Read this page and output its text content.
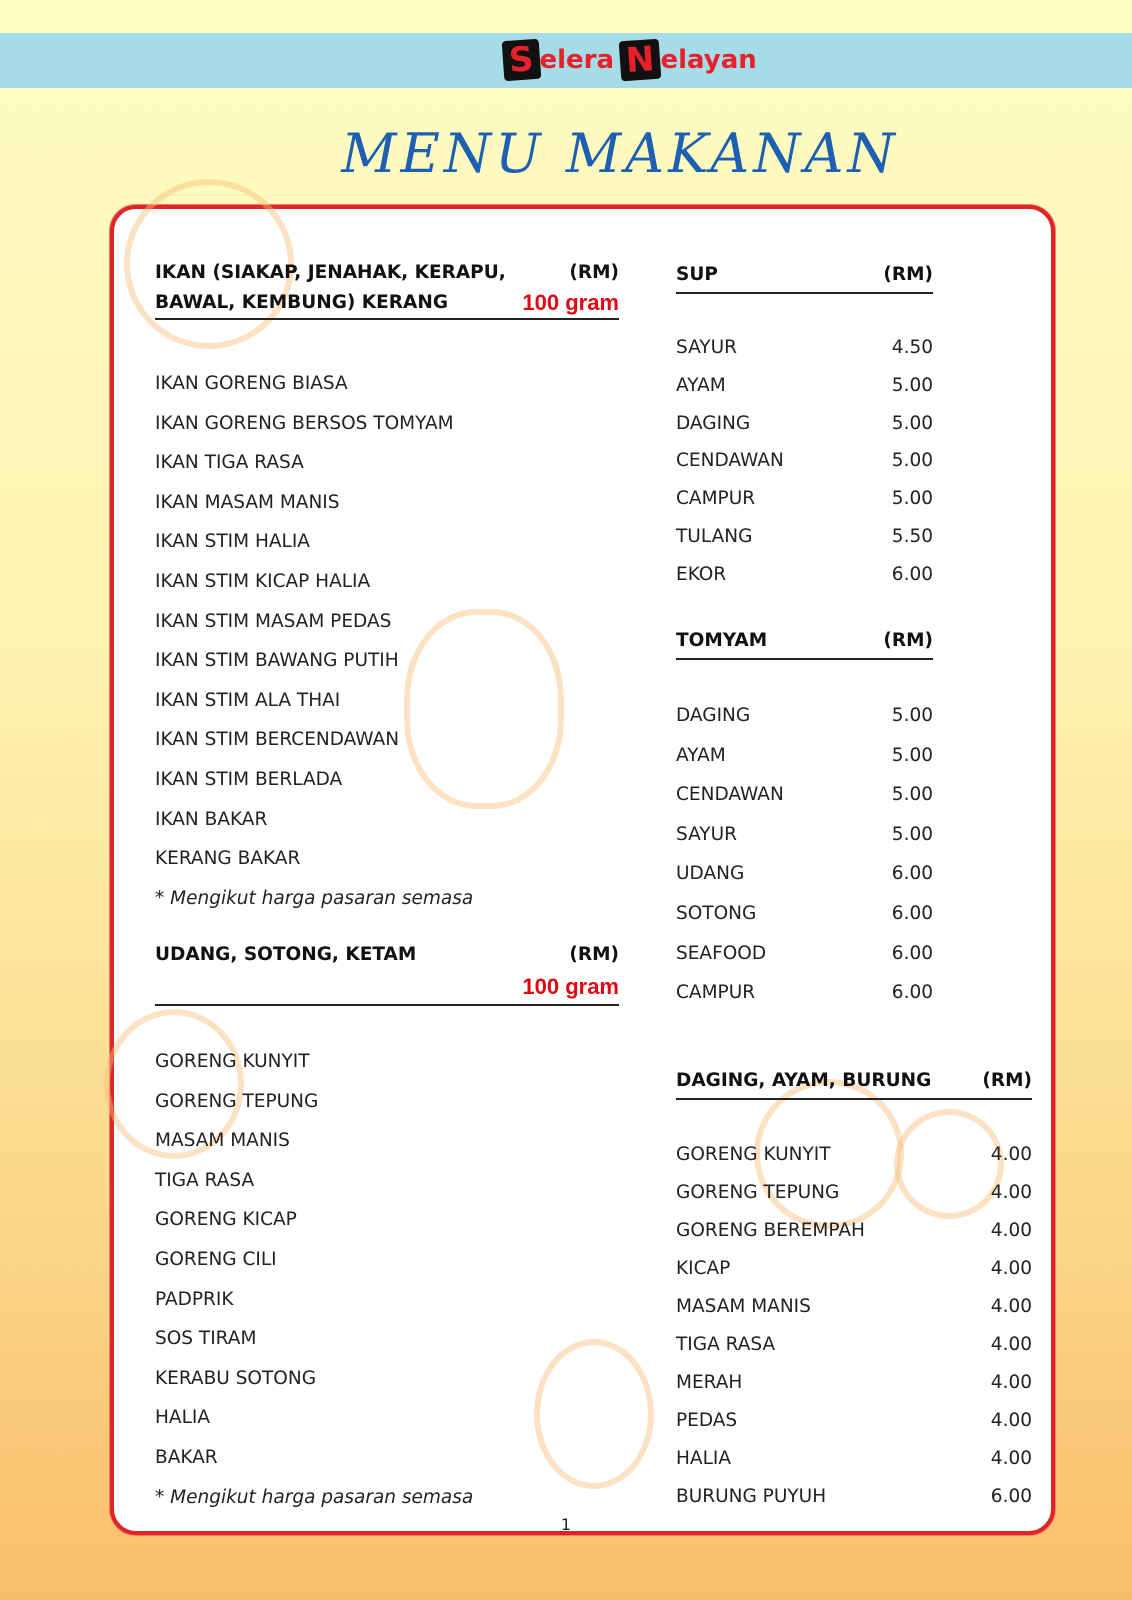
S elera N elayan
MENU MAKANAN
IKAN (SIAKAP, JENAHAK, KERAPU,	(RM)
BAWAL, KEMBUNG) KERANG	100 gram
IKAN GORENG BIASA
IKAN GORENG BERSOS TOMYAM
IKAN TIGA RASA
IKAN MASAM MANIS
IKAN STIM HALIA
IKAN STIM KICAP HALIA
IKAN STIM MASAM PEDAS
IKAN STIM BAWANG PUTIH
IKAN STIM ALA THAI
IKAN STIM BERCENDAWAN
IKAN STIM BERLADA
IKAN BAKAR
KERANG BAKAR
* Mengikut harga pasaran semasa
UDANG, SOTONG, KETAM	(RM)
100 gram
GORENG KUNYIT
GORENG TEPUNG
MASAM MANIS
TIGA RASA
GORENG KICAP
GORENG CILI
PADPRIK
SOS TIRAM
KERABU SOTONG
HALIA
BAKAR
* Mengikut harga pasaran semasa
SUP	(RM)
SAYUR	4.50
AYAM	5.00
DAGING	5.00
CENDAWAN	5.00
CAMPUR	5.00
TULANG	5.50
EKOR	6.00
TOMYAM	(RM)
DAGING	5.00
AYAM	5.00
CENDAWAN	5.00
SAYUR	5.00
UDANG	6.00
SOTONG	6.00
SEAFOOD	6.00
CAMPUR	6.00
DAGING, AYAM, BURUNG	(RM)
GORENG KUNYIT	4.00
GORENG TEPUNG	4.00
GORENG BEREMPAH	4.00
KICAP	4.00
MASAM MANIS	4.00
TIGA RASA	4.00
MERAH	4.00
PEDAS	4.00
HALIA	4.00
BURUNG PUYUH	6.00
1
